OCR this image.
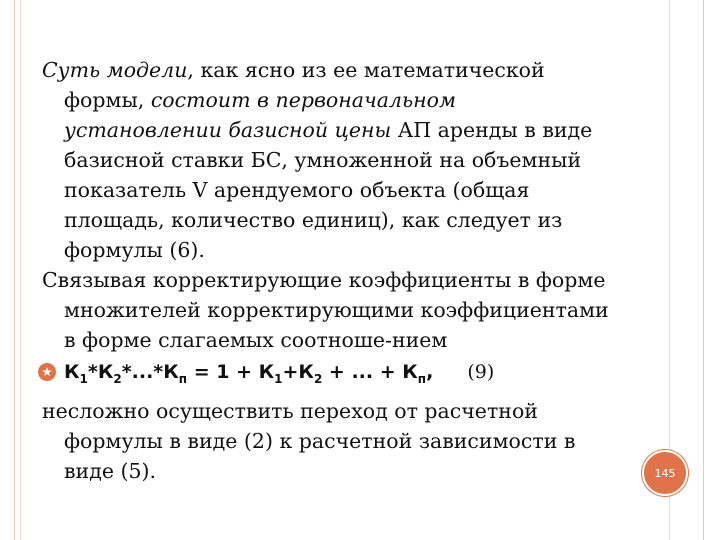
Суть модели, как ясно из ее математической формы, состоит в первоначальном установлении базисной цены АП аренды в виде базисной ставки БС, умноженной на объемный показатель V арендуемого объекта (общая площадь, количество единиц), как следует из формулы (6).

Связывая корректирующие коэффициенты в форме множителей корректирующими коэффициентами в форме слагаемых соотноше-нием

$К_1*К_2*...*К_п = 1 + К_1+К_2$ + ... + $К_п$, (9)

несложно осуществить переход от расчетной формулы в виде (2) к расчетной зависимости в виде (5).	145
